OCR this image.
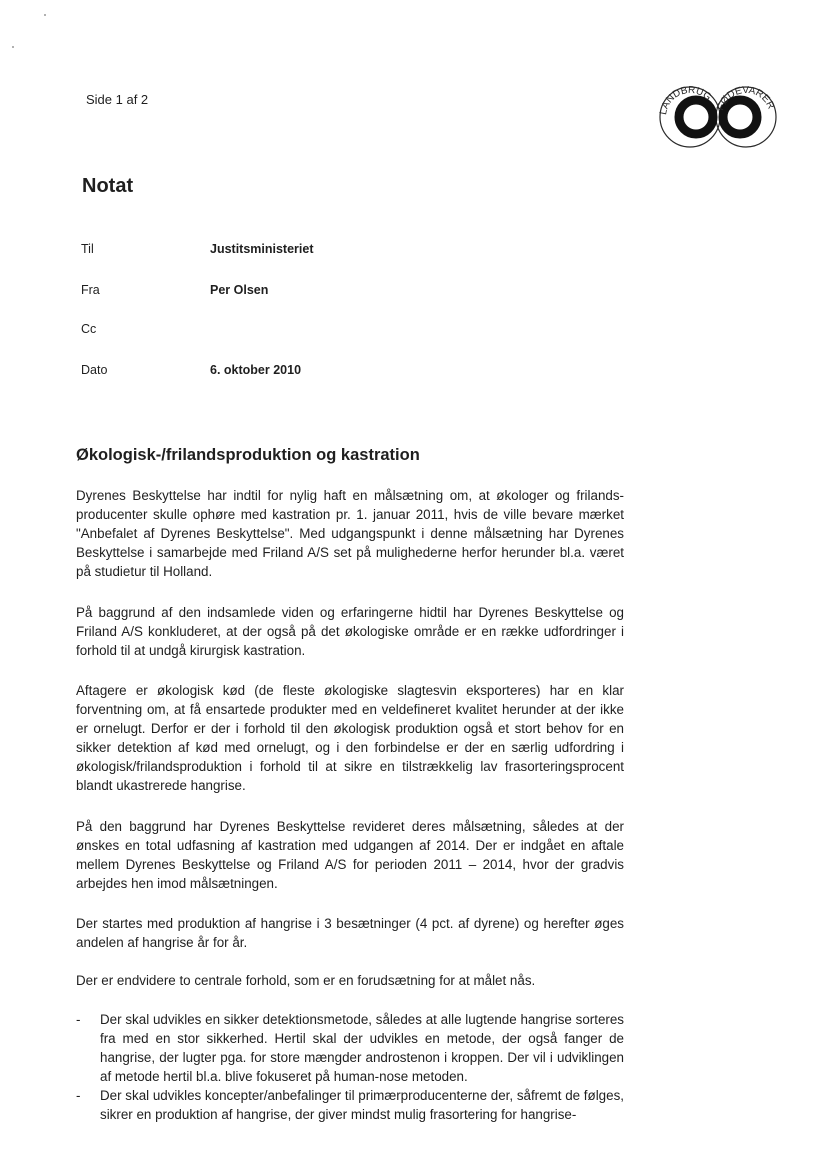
Side 1 af 2
LANDBRUG
FØDEVARER
Notat
Til	Justitsministeriet
Fra	Per Olsen
Cc
Dato	6. oktober 2010
Økologisk-/frilandsproduktion og kastration

Dyrenes Beskyttelse har indtil for nylig haft en målsætning om, at økologer og frilands-producenter skulle ophøre med kastration pr. 1. januar 2011, hvis de ville bevare mærket "Anbefalet af Dyrenes Beskyttelse". Med udgangspunkt i denne målsætning har Dyrenes Beskyttelse i samarbejde med Friland A/S set på mulighederne herfor herunder bl.a. været på studietur til Holland.

På baggrund af den indsamlede viden og erfaringerne hidtil har Dyrenes Beskyttelse og Friland A/S konkluderet, at der også på det økologiske område er en række udfordringer i forhold til at undgå kirurgisk kastration.

Aftagere er økologisk kød (de fleste økologiske slagtesvin eksporteres) har en klar forventning om, at få ensartede produkter med en veldefineret kvalitet herunder at der ikke er ornelugt. Derfor er der i forhold til den økologisk produktion også et stort behov for en sikker detektion af kød med ornelugt, og i den forbindelse er der en særlig udfordring i økologisk/frilandsproduktion i forhold til at sikre en tilstrækkelig lav frasorteringsprocent blandt ukastrerede hangrise.

På den baggrund har Dyrenes Beskyttelse revideret deres målsætning, således at der ønskes en total udfasning af kastration med udgangen af 2014. Der er indgået en aftale mellem Dyrenes Beskyttelse og Friland A/S for perioden 2011 – 2014, hvor der gradvis arbejdes hen imod målsætningen.

Der startes med produktion af hangrise i 3 besætninger (4 pct. af dyrene) og herefter øges andelen af hangrise år for år.

Der er endvidere to centrale forhold, som er en forudsætning for at målet nås.

- Der skal udvikles en sikker detektionsmetode, således at alle lugtende hangrise sorteres fra med en stor sikkerhed. Hertil skal der udvikles en metode, der også fanger de hangrise, der lugter pga. for store mængder androstenon i kroppen. Der vil i udviklingen af metode hertil bl.a. blive fokuseret på human-nose metoden.
- Der skal udvikles koncepter/anbefalinger til primærproducenterne der, såfremt de følges, sikrer en produktion af hangrise, der giver mindst mulig frasortering for hangrise-
